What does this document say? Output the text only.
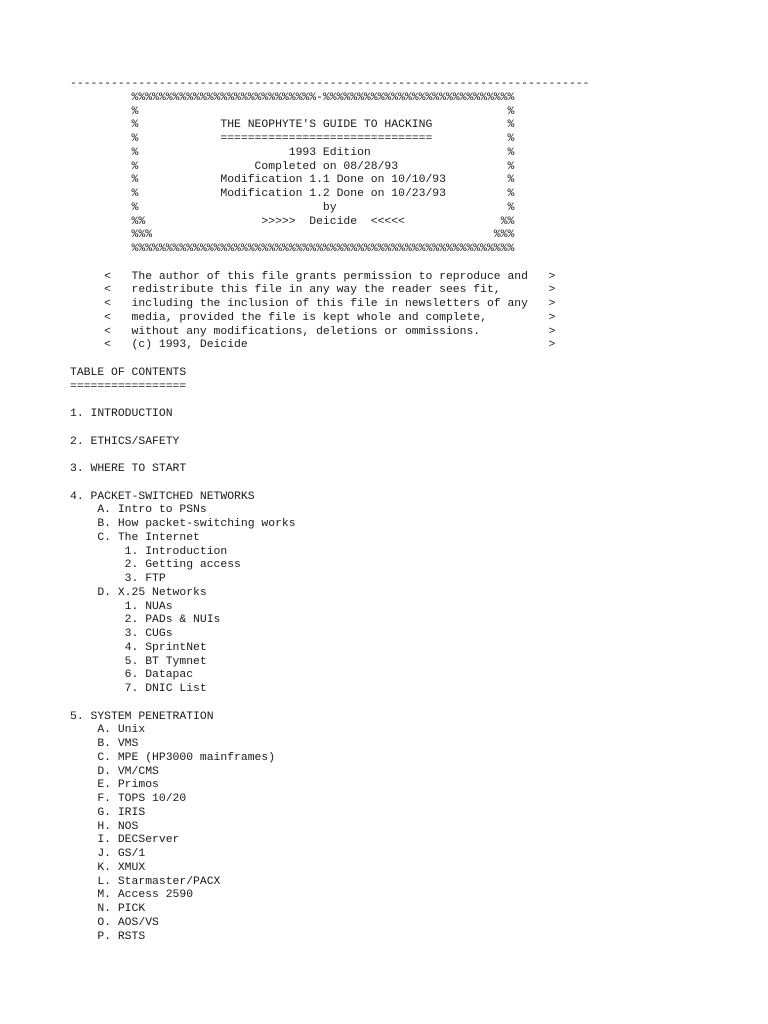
----------------------------------------------------------------------------
%%%%%%%%%%%%%%%%%%%%%%%%%%%-%%%%%%%%%%%%%%%%%%%%%%%%%%%%
%                                                      %
%            THE NEOPHYTE'S GUIDE TO HACKING           %
%            ===============================           %
%                      1993 Edition                    %
%                 Completed on 08/28/93                %
%            Modification 1.1 Done on 10/10/93         %
%            Modification 1.2 Done on 10/23/93         %
%                           by                         %
%%                 >>>>>  Deicide  <<<<<              %%
%%%                                                  %%%
%%%%%%%%%%%%%%%%%%%%%%%%%%%%%%%%%%%%%%%%%%%%%%%%%%%%%%%%
<   The author of this file grants permission to reproduce and   >
<   redistribute this file in any way the reader sees fit,       >
<   including the inclusion of this file in newsletters of any   >
<   media, provided the file is kept whole and complete,         >
<   without any modifications, deletions or ommissions.          >
<   (c) 1993, Deicide                                            >
TABLE OF CONTENTS
=================
1. INTRODUCTION
2. ETHICS/SAFETY
3. WHERE TO START
4. PACKET-SWITCHED NETWORKS
A. Intro to PSNs
B. How packet-switching works
C. The Internet
1. Introduction
2. Getting access
3. FTP
D. X.25 Networks
1. NUAs
2. PADs & NUIs
3. CUGs
4. SprintNet
5. BT Tymnet
6. Datapac
7. DNIC List
5. SYSTEM PENETRATION
A. Unix
B. VMS
C. MPE (HP3000 mainframes)
D. VM/CMS
E. Primos
F. TOPS 10/20
G. IRIS
H. NOS
I. DECServer
J. GS/1
K. XMUX
L. Starmaster/PACX
M. Access 2590
N. PICK
O. AOS/VS
P. RSTS
